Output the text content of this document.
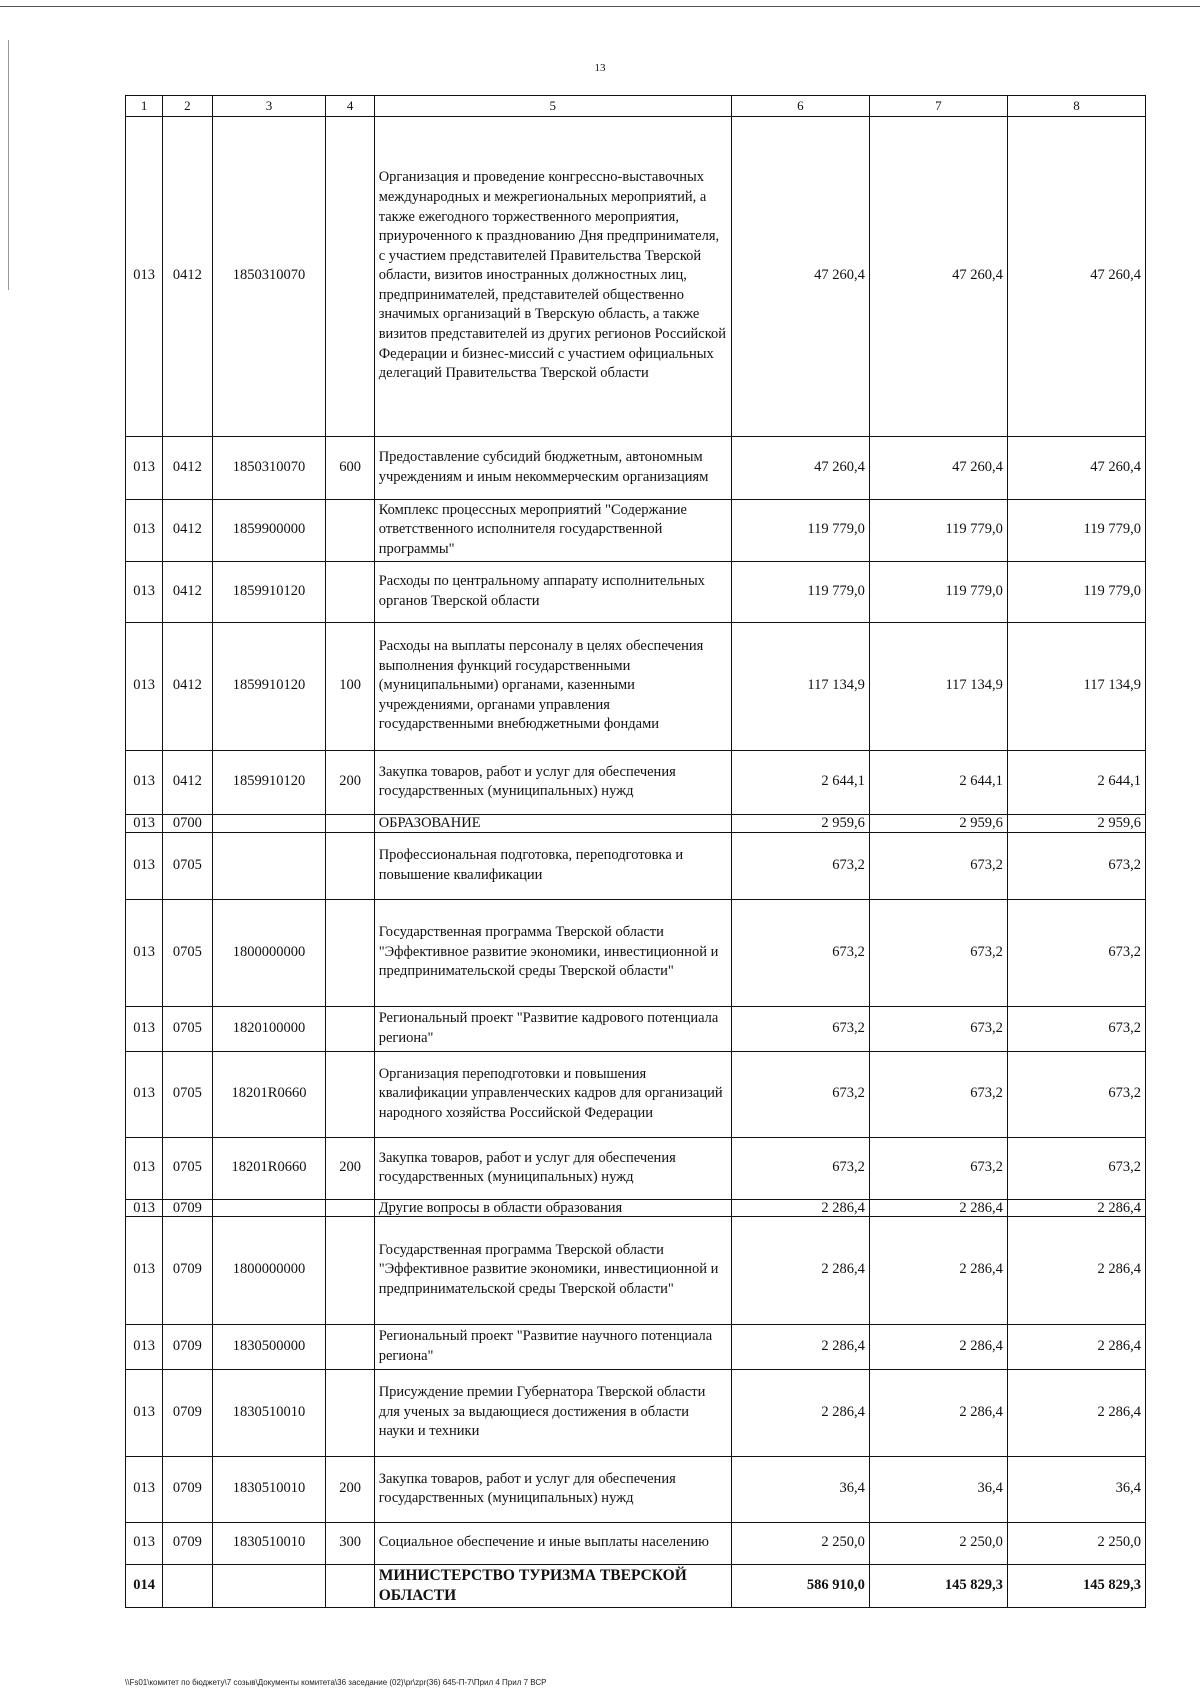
13
1	2	3	4	5	6	7	8
013	0412	1850310070		Организация и проведение конгрессно-выставочных международных и межрегиональных мероприятий, а также ежегодного торжественного мероприятия, приуроченного к празднованию Дня предпринимателя, с участием представителей Правительства Тверской области, визитов иностранных должностных лиц, предпринимателей, представителей общественно значимых организаций в Тверскую область, а также визитов представителей из других регионов Российской Федерации и бизнес-миссий с участием официальных делегаций Правительства Тверской области	47 260,4	47 260,4	47 260,4
013	0412	1850310070	600	Предоставление субсидий бюджетным, автономным учреждениям и иным некоммерческим организациям	47 260,4	47 260,4	47 260,4
013	0412	1859900000		Комплекс процессных мероприятий "Содержание ответственного исполнителя государственной программы"	119 779,0	119 779,0	119 779,0
013	0412	1859910120		Расходы по центральному аппарату исполнительных органов Тверской области	119 779,0	119 779,0	119 779,0
013	0412	1859910120	100	Расходы на выплаты персоналу в целях обеспечения выполнения функций государственными (муниципальными) органами, казенными учреждениями, органами управления государственными внебюджетными фондами	117 134,9	117 134,9	117 134,9
013	0412	1859910120	200	Закупка товаров, работ и услуг для обеспечения государственных (муниципальных) нужд	2 644,1	2 644,1	2 644,1
013	0700			ОБРАЗОВАНИЕ	2 959,6	2 959,6	2 959,6
013	0705			Профессиональная подготовка, переподготовка и повышение квалификации	673,2	673,2	673,2
013	0705	1800000000		Государственная программа Тверской области "Эффективное развитие экономики, инвестиционной и предпринимательской среды Тверской области"	673,2	673,2	673,2
013	0705	1820100000		Региональный проект "Развитие кадрового потенциала региона"	673,2	673,2	673,2
013	0705	18201R0660		Организация переподготовки и повышения квалификации управленческих кадров для организаций народного хозяйства Российской Федерации	673,2	673,2	673,2
013	0705	18201R0660	200	Закупка товаров, работ и услуг для обеспечения государственных (муниципальных) нужд	673,2	673,2	673,2
013	0709			Другие вопросы в области образования	2 286,4	2 286,4	2 286,4
013	0709	1800000000		Государственная программа Тверской области "Эффективное развитие экономики, инвестиционной и предпринимательской среды Тверской области"	2 286,4	2 286,4	2 286,4
013	0709	1830500000		Региональный проект "Развитие научного потенциала региона"	2 286,4	2 286,4	2 286,4
013	0709	1830510010		Присуждение премии Губернатора Тверской области для ученых за выдающиеся достижения в области науки и техники	2 286,4	2 286,4	2 286,4
013	0709	1830510010	200	Закупка товаров, работ и услуг для обеспечения государственных (муниципальных) нужд	36,4	36,4	36,4
013	0709	1830510010	300	Социальное обеспечение и иные выплаты населению	2 250,0	2 250,0	2 250,0
014				МИНИСТЕРСТВО ТУРИЗМА ТВЕРСКОЙ ОБЛАСТИ	586 910,0	145 829,3	145 829,3
\\Fs01\комитет по бюджету\7 созыв\Документы комитета\36 заседание (02)\pr\zpr(36) 645-П-7\Прил 4 Прил 7 ВСР
